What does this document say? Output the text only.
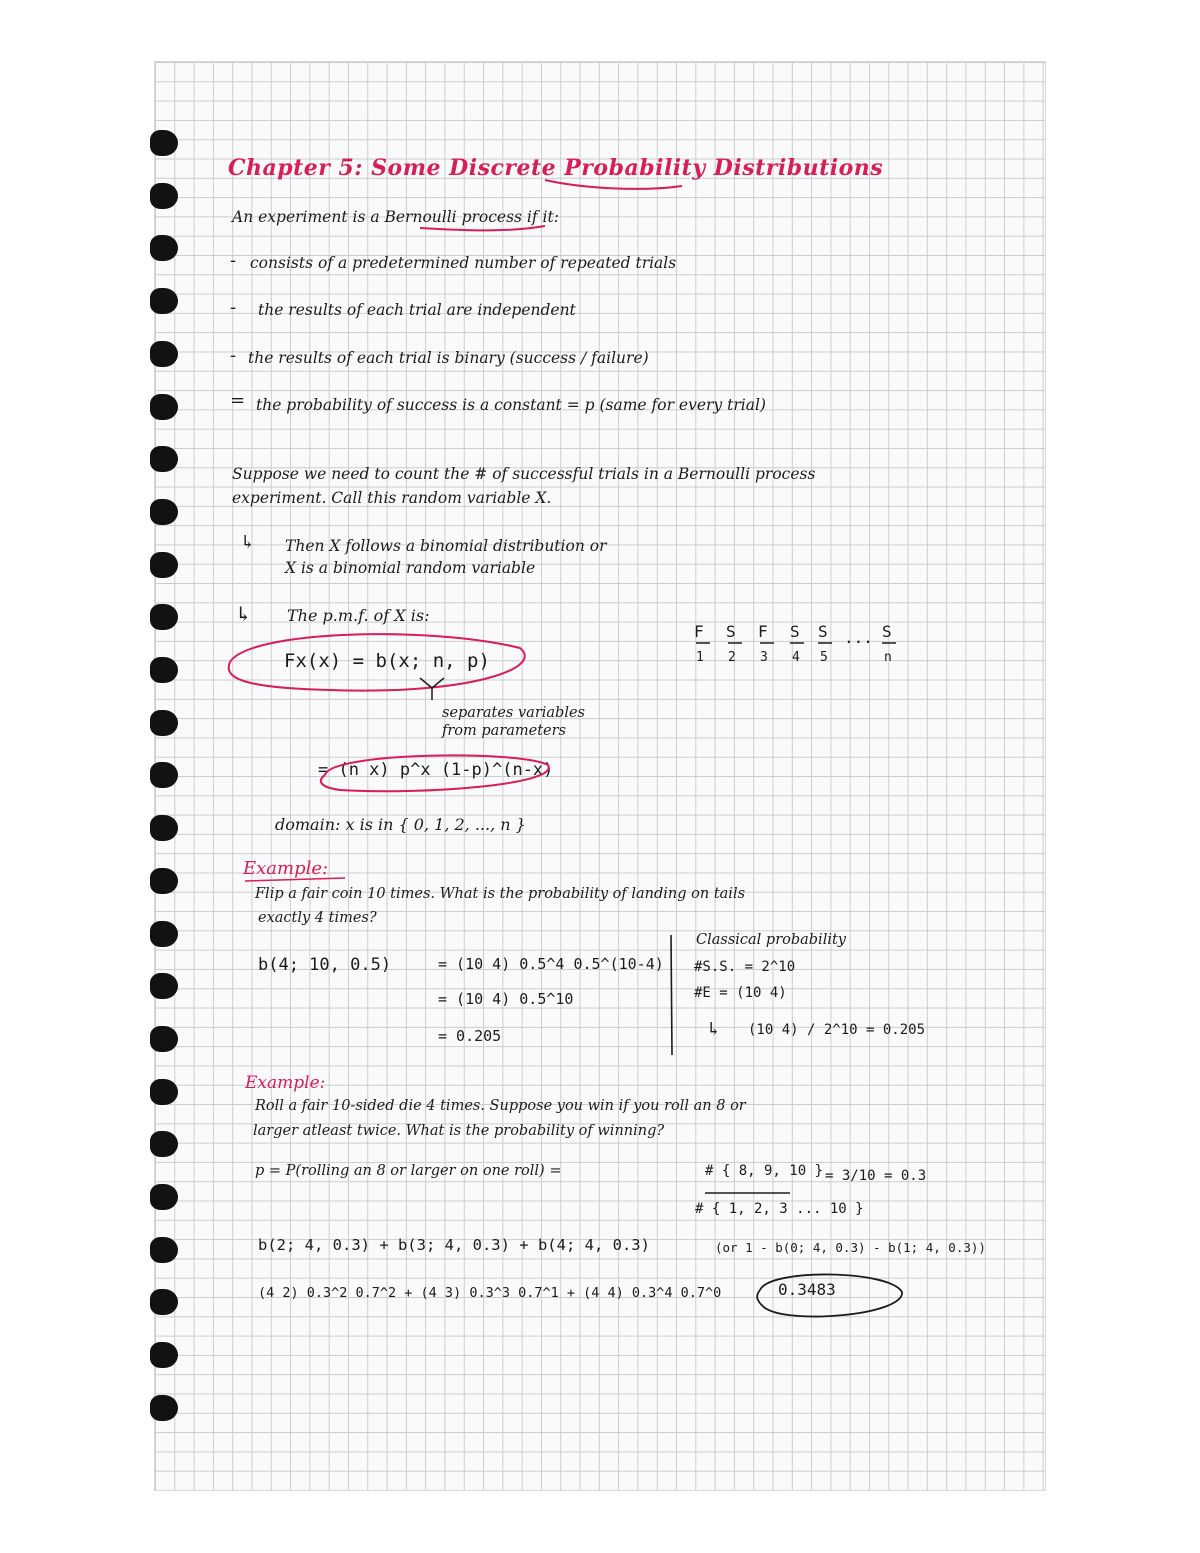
Chapter 5: Some Discrete Probability Distributions
An experiment is a Bernoulli process if it:
- consists of a predetermined number of repeated trials
- the results of each trial are independent
- the results of each trial is binary (success / failure)
= the probability of success is a constant = p (same for every trial)
Suppose we need to count the # of successful trials in a Bernoulli process
experiment. Call this random variable X.
↳ Then X follows a binomial distribution or
X is a binomial random variable
↳ The p.m.f. of X is:
Fx(x) = b(x; n, p)
separates variables
from parameters
= (n x) p^x (1-p)^(n-x)
domain: x is in { 0, 1, 2, ..., n }
F S F S S ... S
1 2 3 4 5	n
Example:
Flip a fair coin 10 times. What is the probability of landing on tails
exactly 4 times?
b(4; 10, 0.5)	= (10 4) 0.5^4 0.5^(10-4)
= (10 4) 0.5^10
= 0.205
Classical probability
#S.S. = 2^10
#E = (10 4)
↳ (10 4) / 2^10 = 0.205
Example:
Roll a fair 10-sided die 4 times. Suppose you win if you roll an 8 or
larger atleast twice. What is the probability of winning?
p = P(rolling an 8 or larger on one roll) =	# { 8, 9, 10 }
# { 1, 2, 3 ... 10 }
= 3/10 = 0.3
b(2; 4, 0.3) + b(3; 4, 0.3) + b(4; 4, 0.3)	(or 1 - b(0; 4, 0.3) - b(1; 4, 0.3))
(4 2) 0.3^2 0.7^2 + (4 3) 0.3^3 0.7^1 + (4 4) 0.3^4 0.7^0	0.3483
